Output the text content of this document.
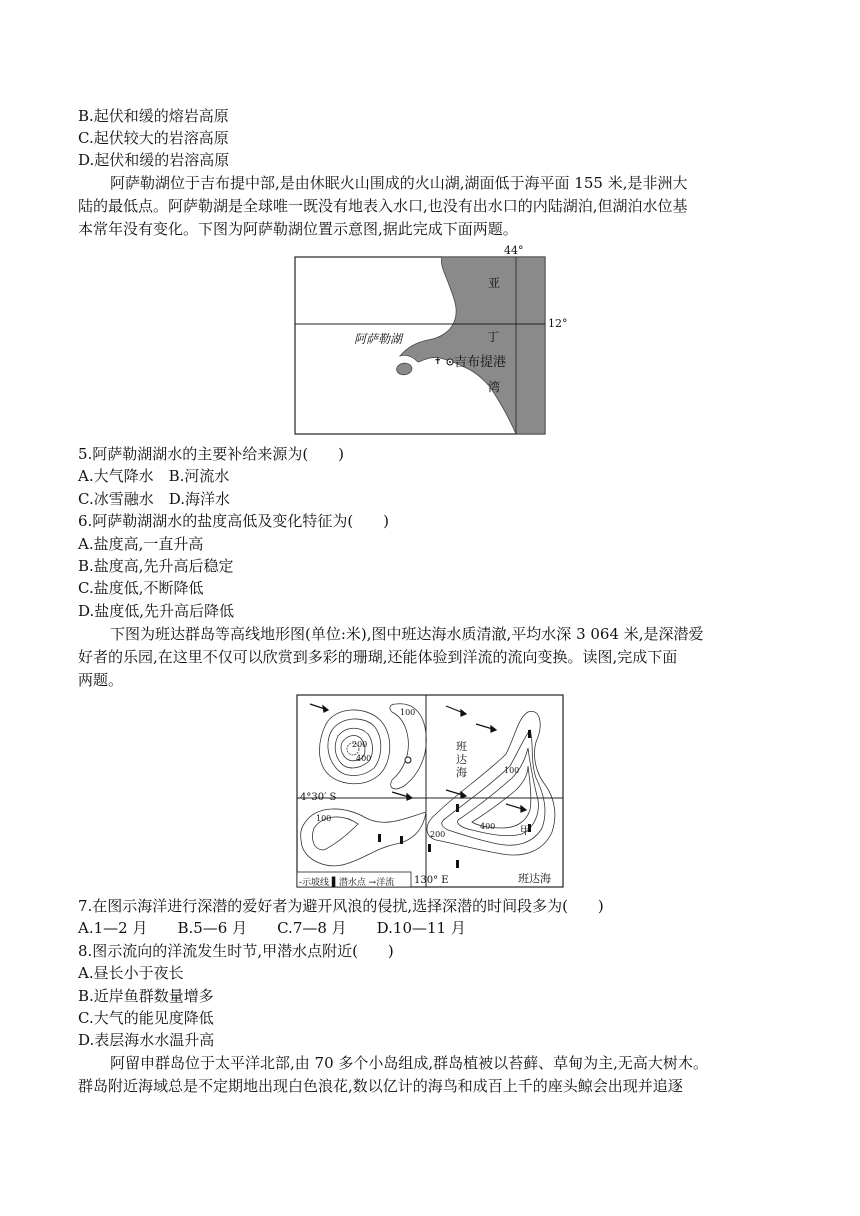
B.起伏和缓的熔岩高原
C.起伏较大的岩溶高原
D.起伏和缓的岩溶高原
阿萨勒湖位于吉布提中部,是由休眠火山围成的火山湖,湖面低于海平面 155 米,是非洲大
陆的最低点。阿萨勒湖是全球唯一既没有地表入水口,也没有出水口的内陆湖泊,但湖泊水位基
本常年没有变化。下图为阿萨勒湖位置示意图,据此完成下面两题。
✝
44°
12°
阿萨勒湖
吉布提港
亚
丁
湾
5.阿萨勒湖湖水的主要补给来源为(　　)
A.大气降水　B.河流水
C.冰雪融水　D.海洋水
6.阿萨勒湖湖水的盐度高低及变化特征为(　　)
A.盐度高,一直升高
B.盐度高,先升高后稳定
C.盐度低,不断降低
D.盐度低,先升高后降低
下图为班达群岛等高线地形图(单位:米),图中班达海水质清澈,平均水深 3 064 米,是深潜爱
好者的乐园,在这里不仅可以欣赏到多彩的珊瑚,还能体验到洋流的流向变换。读图,完成下面
两题。
4°30′ S
130° E
班达海
班达海
甲
100
200
400
100
100
200
400
-示坡线 ▌潜水点 →洋流
7.在图示海洋进行深潜的爱好者为避开风浪的侵扰,选择深潜的时间段多为(　　)
A.1—2 月　　B.5—6 月　　C.7—8 月　　D.10—11 月
8.图示流向的洋流发生时节,甲潜水点附近(　　)
A.昼长小于夜长
B.近岸鱼群数量增多
C.大气的能见度降低
D.表层海水水温升高
阿留申群岛位于太平洋北部,由 70 多个小岛组成,群岛植被以苔藓、草甸为主,无高大树木。
群岛附近海域总是不定期地出现白色浪花,数以亿计的海鸟和成百上千的座头鲸会出现并追逐
